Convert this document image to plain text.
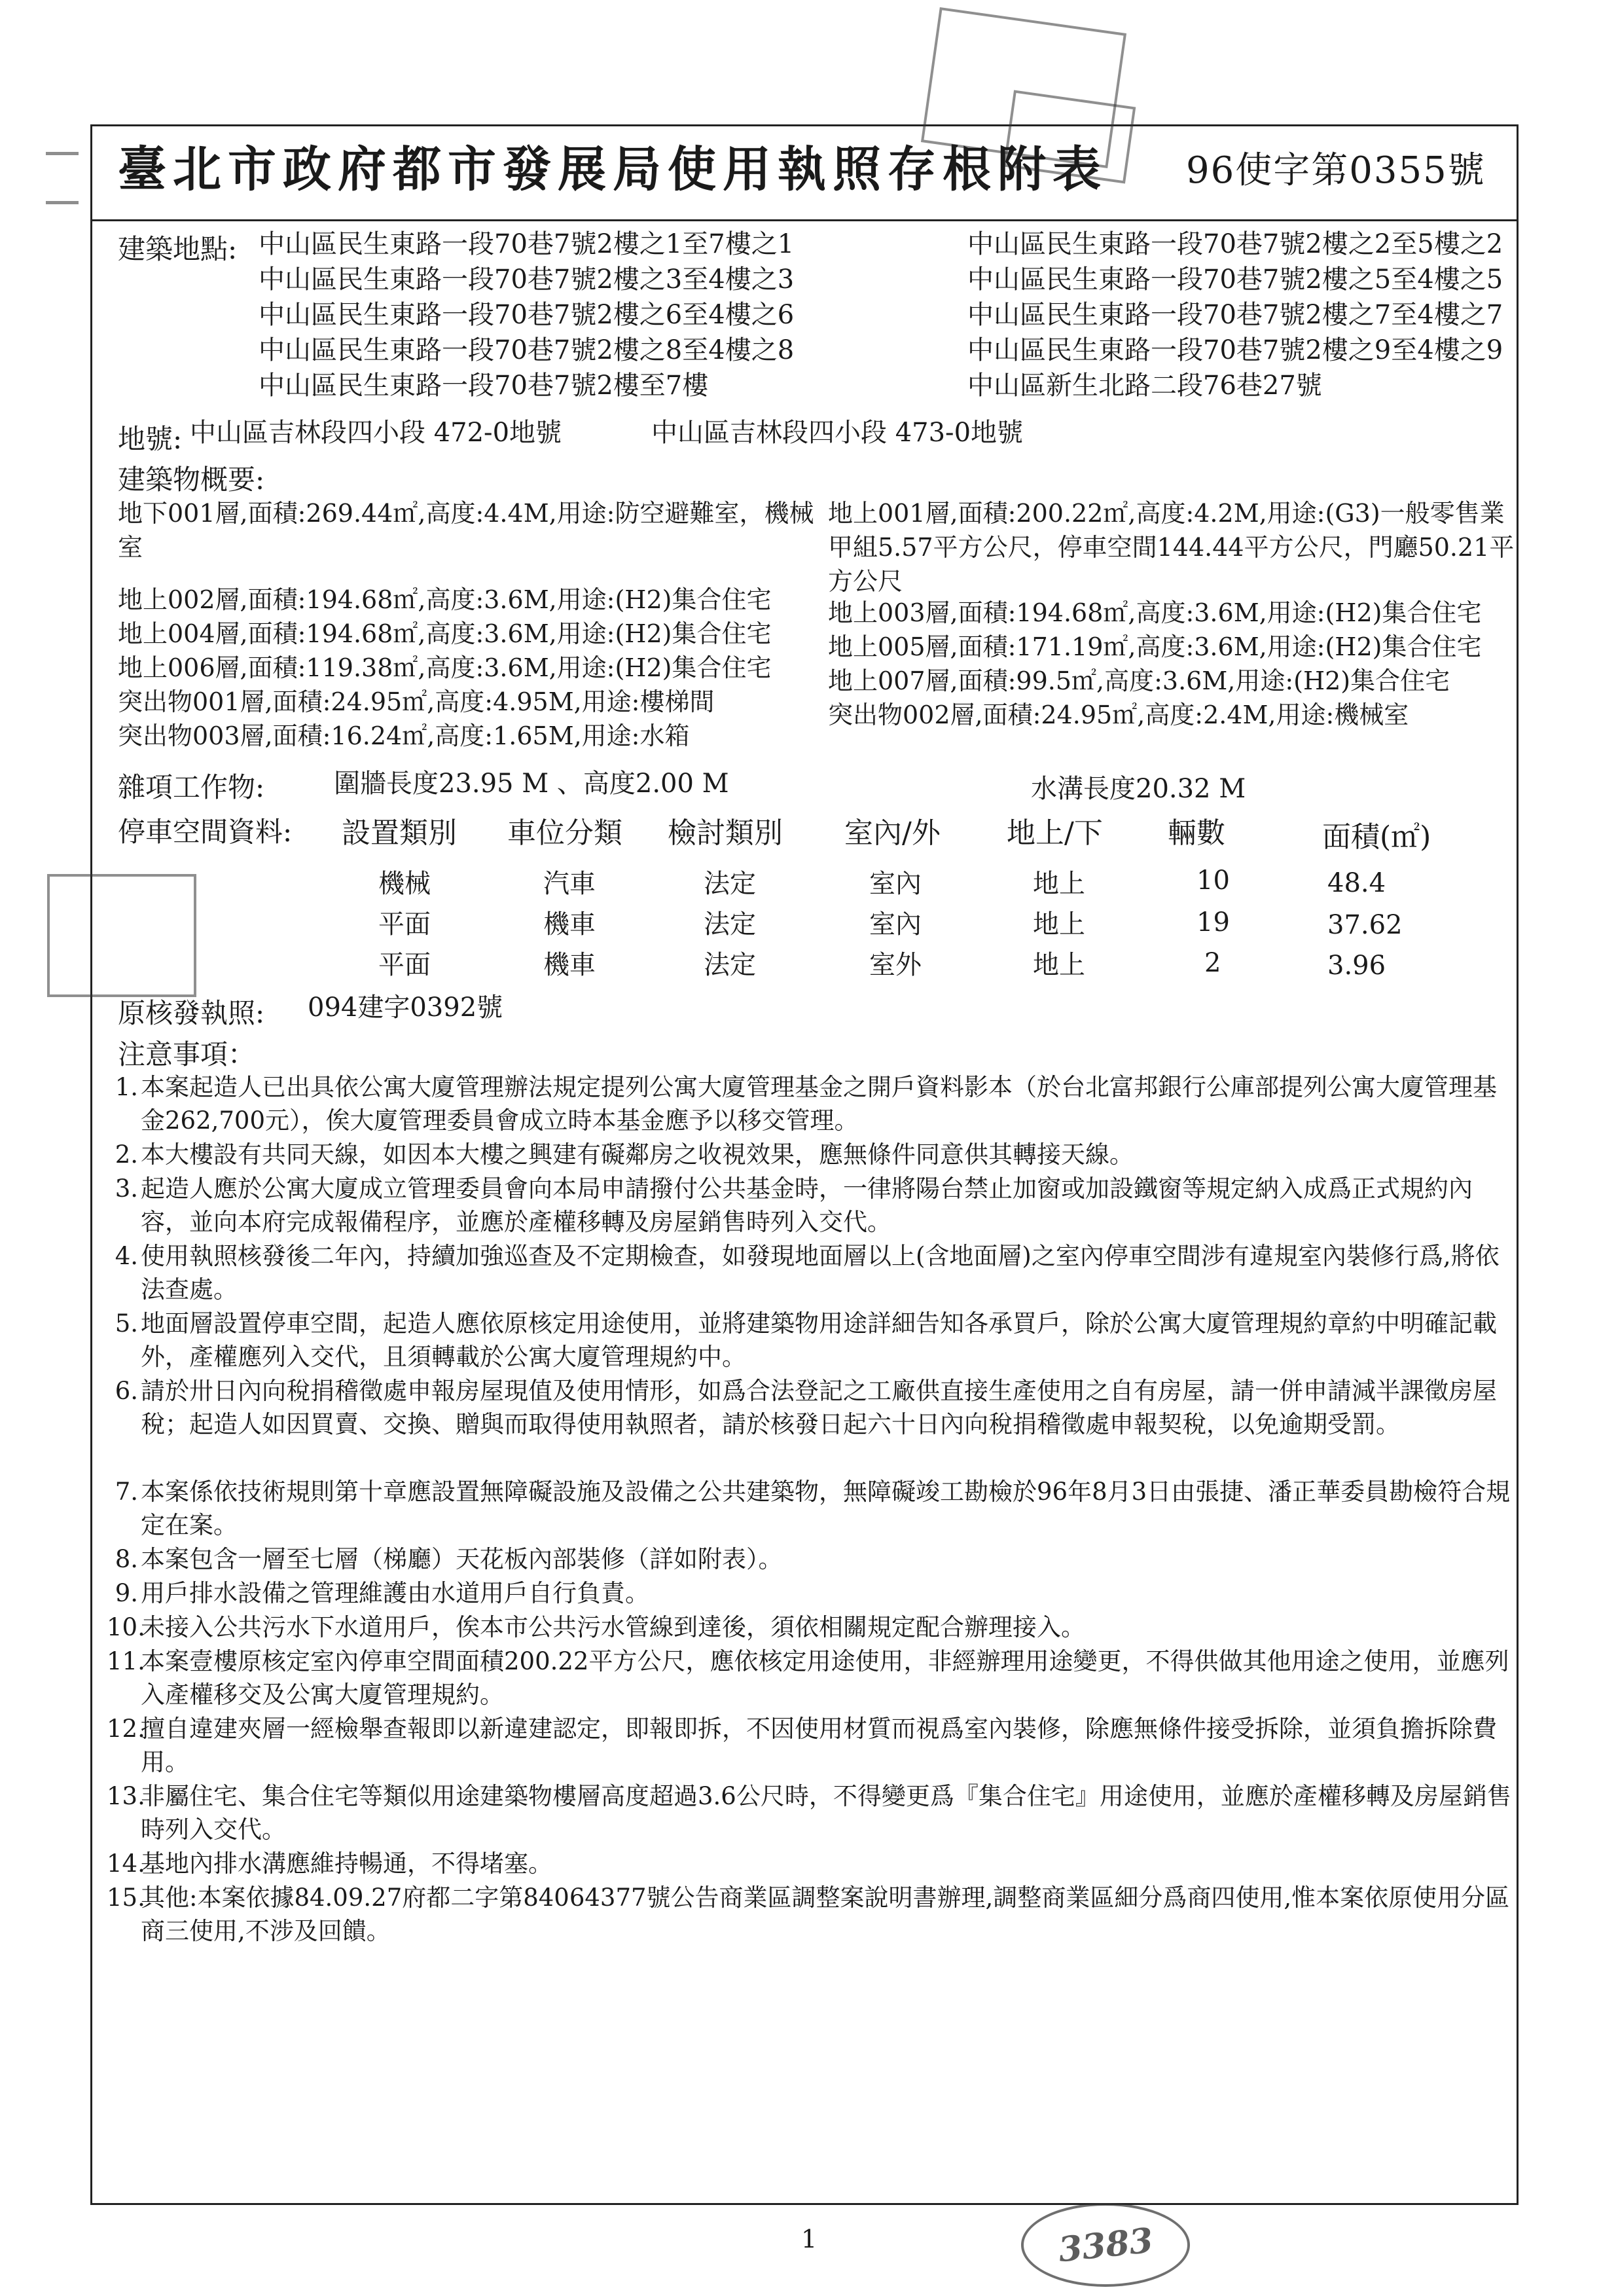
臺北市政府都市發展局使用執照存根附表 96使字第0355號
建築地點: 中山區民生東路一段70巷7號2樓之1至7樓之1
中山區民生東路一段70巷7號2樓之3至4樓之3
中山區民生東路一段70巷7號2樓之6至4樓之6
中山區民生東路一段70巷7號2樓之8至4樓之8
中山區民生東路一段70巷7號2樓至7樓
中山區民生東路一段70巷7號2樓之2至5樓之2
中山區民生東路一段70巷7號2樓之5至4樓之5
中山區民生東路一段70巷7號2樓之7至4樓之7
中山區民生東路一段70巷7號2樓之9至4樓之9
中山區新生北路二段76巷27號
地號: 中山區吉林段四小段 472-0地號	中山區吉林段四小段 473-0地號
建築物概要:
地下001層,面積:269.44㎡,高度:4.4M,用途:防空避難室，機械室
地上002層,面積:194.68㎡,高度:3.6M,用途:(H2)集合住宅
地上004層,面積:194.68㎡,高度:3.6M,用途:(H2)集合住宅
地上006層,面積:119.38㎡,高度:3.6M,用途:(H2)集合住宅
突出物001層,面積:24.95㎡,高度:4.95M,用途:樓梯間
突出物003層,面積:16.24㎡,高度:1.65M,用途:水箱
地上001層,面積:200.22㎡,高度:4.2M,用途:(G3)一般零售業甲組5.57平方公尺，停車空間144.44平方公尺，門廳50.21平方公尺
地上003層,面積:194.68㎡,高度:3.6M,用途:(H2)集合住宅
地上005層,面積:171.19㎡,高度:3.6M,用途:(H2)集合住宅
地上007層,面積:99.5㎡,高度:3.6M,用途:(H2)集合住宅
突出物002層,面積:24.95㎡,高度:2.4M,用途:機械室
雜項工作物:	圍牆長度23.95 M 、高度2.00 M	水溝長度20.32 M
停車空間資料: 設置類別 車位分類 檢討類別 室內/外 地上/下 輛數	面積(㎡)
機械	汽車	法定	室內	地上	10	48.4
平面	機車	法定	室內	地上	19	37.62
平面	機車	法定	室外	地上	2	3.96
原核發執照: 094建字0392號
注意事項：
1. 本案起造人已出具依公寓大廈管理辦法規定提列公寓大廈管理基金之開戶資料影本（於台北富邦銀行公庫部提列公寓大廈管理基金262,700元），俟大廈管理委員會成立時本基金應予以移交管理。
2. 本大樓設有共同天線，如因本大樓之興建有礙鄰房之收視效果，應無條件同意供其轉接天線。
3. 起造人應於公寓大廈成立管理委員會向本局申請撥付公共基金時，一律將陽台禁止加窗或加設鐵窗等規定納入成爲正式規約內容，並向本府完成報備程序，並應於產權移轉及房屋銷售時列入交代。
4. 使用執照核發後二年內，持續加強巡查及不定期檢查，如發現地面層以上(含地面層)之室內停車空間涉有違規室內裝修行爲,將依法查處。
5. 地面層設置停車空間，起造人應依原核定用途使用，並將建築物用途詳細告知各承買戶，除於公寓大廈管理規約章約中明確記載外，產權應列入交代，且須轉載於公寓大廈管理規約中。
6. 請於卅日內向稅捐稽徵處申報房屋現值及使用情形，如爲合法登記之工廠供直接生產使用之自有房屋，請一併申請減半課徵房屋稅；起造人如因買賣、交換、贈與而取得使用執照者，請於核發日起六十日內向稅捐稽徵處申報契稅，以免逾期受罰。
7. 本案係依技術規則第十章應設置無障礙設施及設備之公共建築物，無障礙竣工勘檢於96年8月3日由張捷、潘正華委員勘檢符合規定在案。
8. 本案包含一層至七層（梯廳）天花板內部裝修（詳如附表）。
9. 用戶排水設備之管理維護由水道用戶自行負責。
10.
未接入公共污水下水道用戶，俟本市公共污水管線到達後，須依相關規定配合辦理接入。
11.
本案壹樓原核定室內停車空間面積200.22平方公尺，應依核定用途使用，非經辦理用途變更，不得供做其他用途之使用，並應列入產權移交及公寓大廈管理規約。
12.
擅自違建夾層一經檢舉查報即以新違建認定，即報即拆，不因使用材質而視爲室內裝修，除應無條件接受拆除，並須負擔拆除費用。
13.
非屬住宅、集合住宅等類似用途建築物樓層高度超過3.6公尺時，不得變更爲『集合住宅』用途使用，並應於產權移轉及房屋銷售時列入交代。
14.
基地內排水溝應維持暢通，不得堵塞。
15.
其他:本案依據84.09.27府都二字第84064377號公告商業區調整案說明書辦理,調整商業區細分爲商四使用,惟本案依原使用分區商三使用,不涉及回饋。
3383
1
